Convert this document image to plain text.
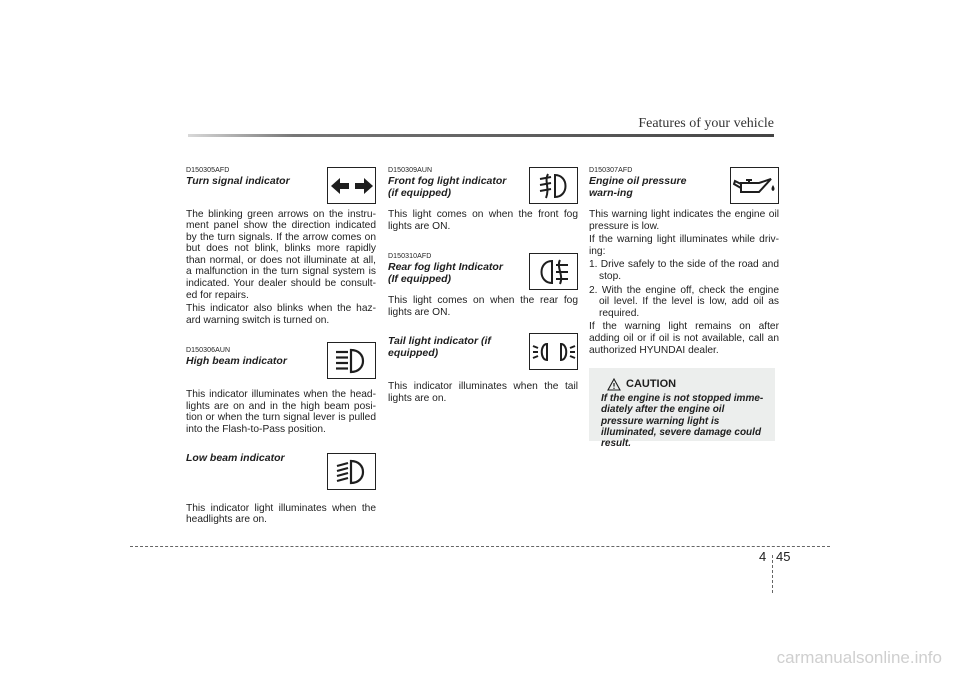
Features of your vehicle

D150305AFD

Turn signal indicator

The blinking green arrows on the instru-ment panel show the direction indicated by the turn signals. If the arrow comes on but does not blink, blinks more rapidly than normal, or does not illuminate at all, a malfunction in the turn signal system is indicated. Your dealer should be consult-ed for repairs.

This indicator also blinks when the haz-ard warning switch is turned on.

D150306AUN

High beam indicator

This indicator illuminates when the head-lights are on and in the high beam posi-tion or when the turn signal lever is pulled into the Flash-to-Pass position.

Low beam indicator

This indicator light illuminates when the headlights are on.

D150309AUN

Front fog light indicator (if equipped)

This light comes on when the front fog lights are ON.

D150310AFD

Rear fog light Indicator (If equipped)

This light comes on when the rear fog lights are ON.

Tail light indicator (if equipped)

This indicator illuminates when the tail lights are on.

D150307AFD

Engine oil pressure warn-ing

This warning light indicates the engine oil pressure is low.

If the warning light illuminates while driv-ing:

1. Drive safely to the side of the road and stop.
2. With the engine off, check the engine oil level. If the level is low, add oil as required.

If the warning light remains on after adding oil or if oil is not available, call an authorized HYUNDAI dealer.

CAUTION
If the engine is not stopped imme-diately after the engine oil pressure warning light is illuminated, severe damage could result.
4 45
carmanualsonline.info
